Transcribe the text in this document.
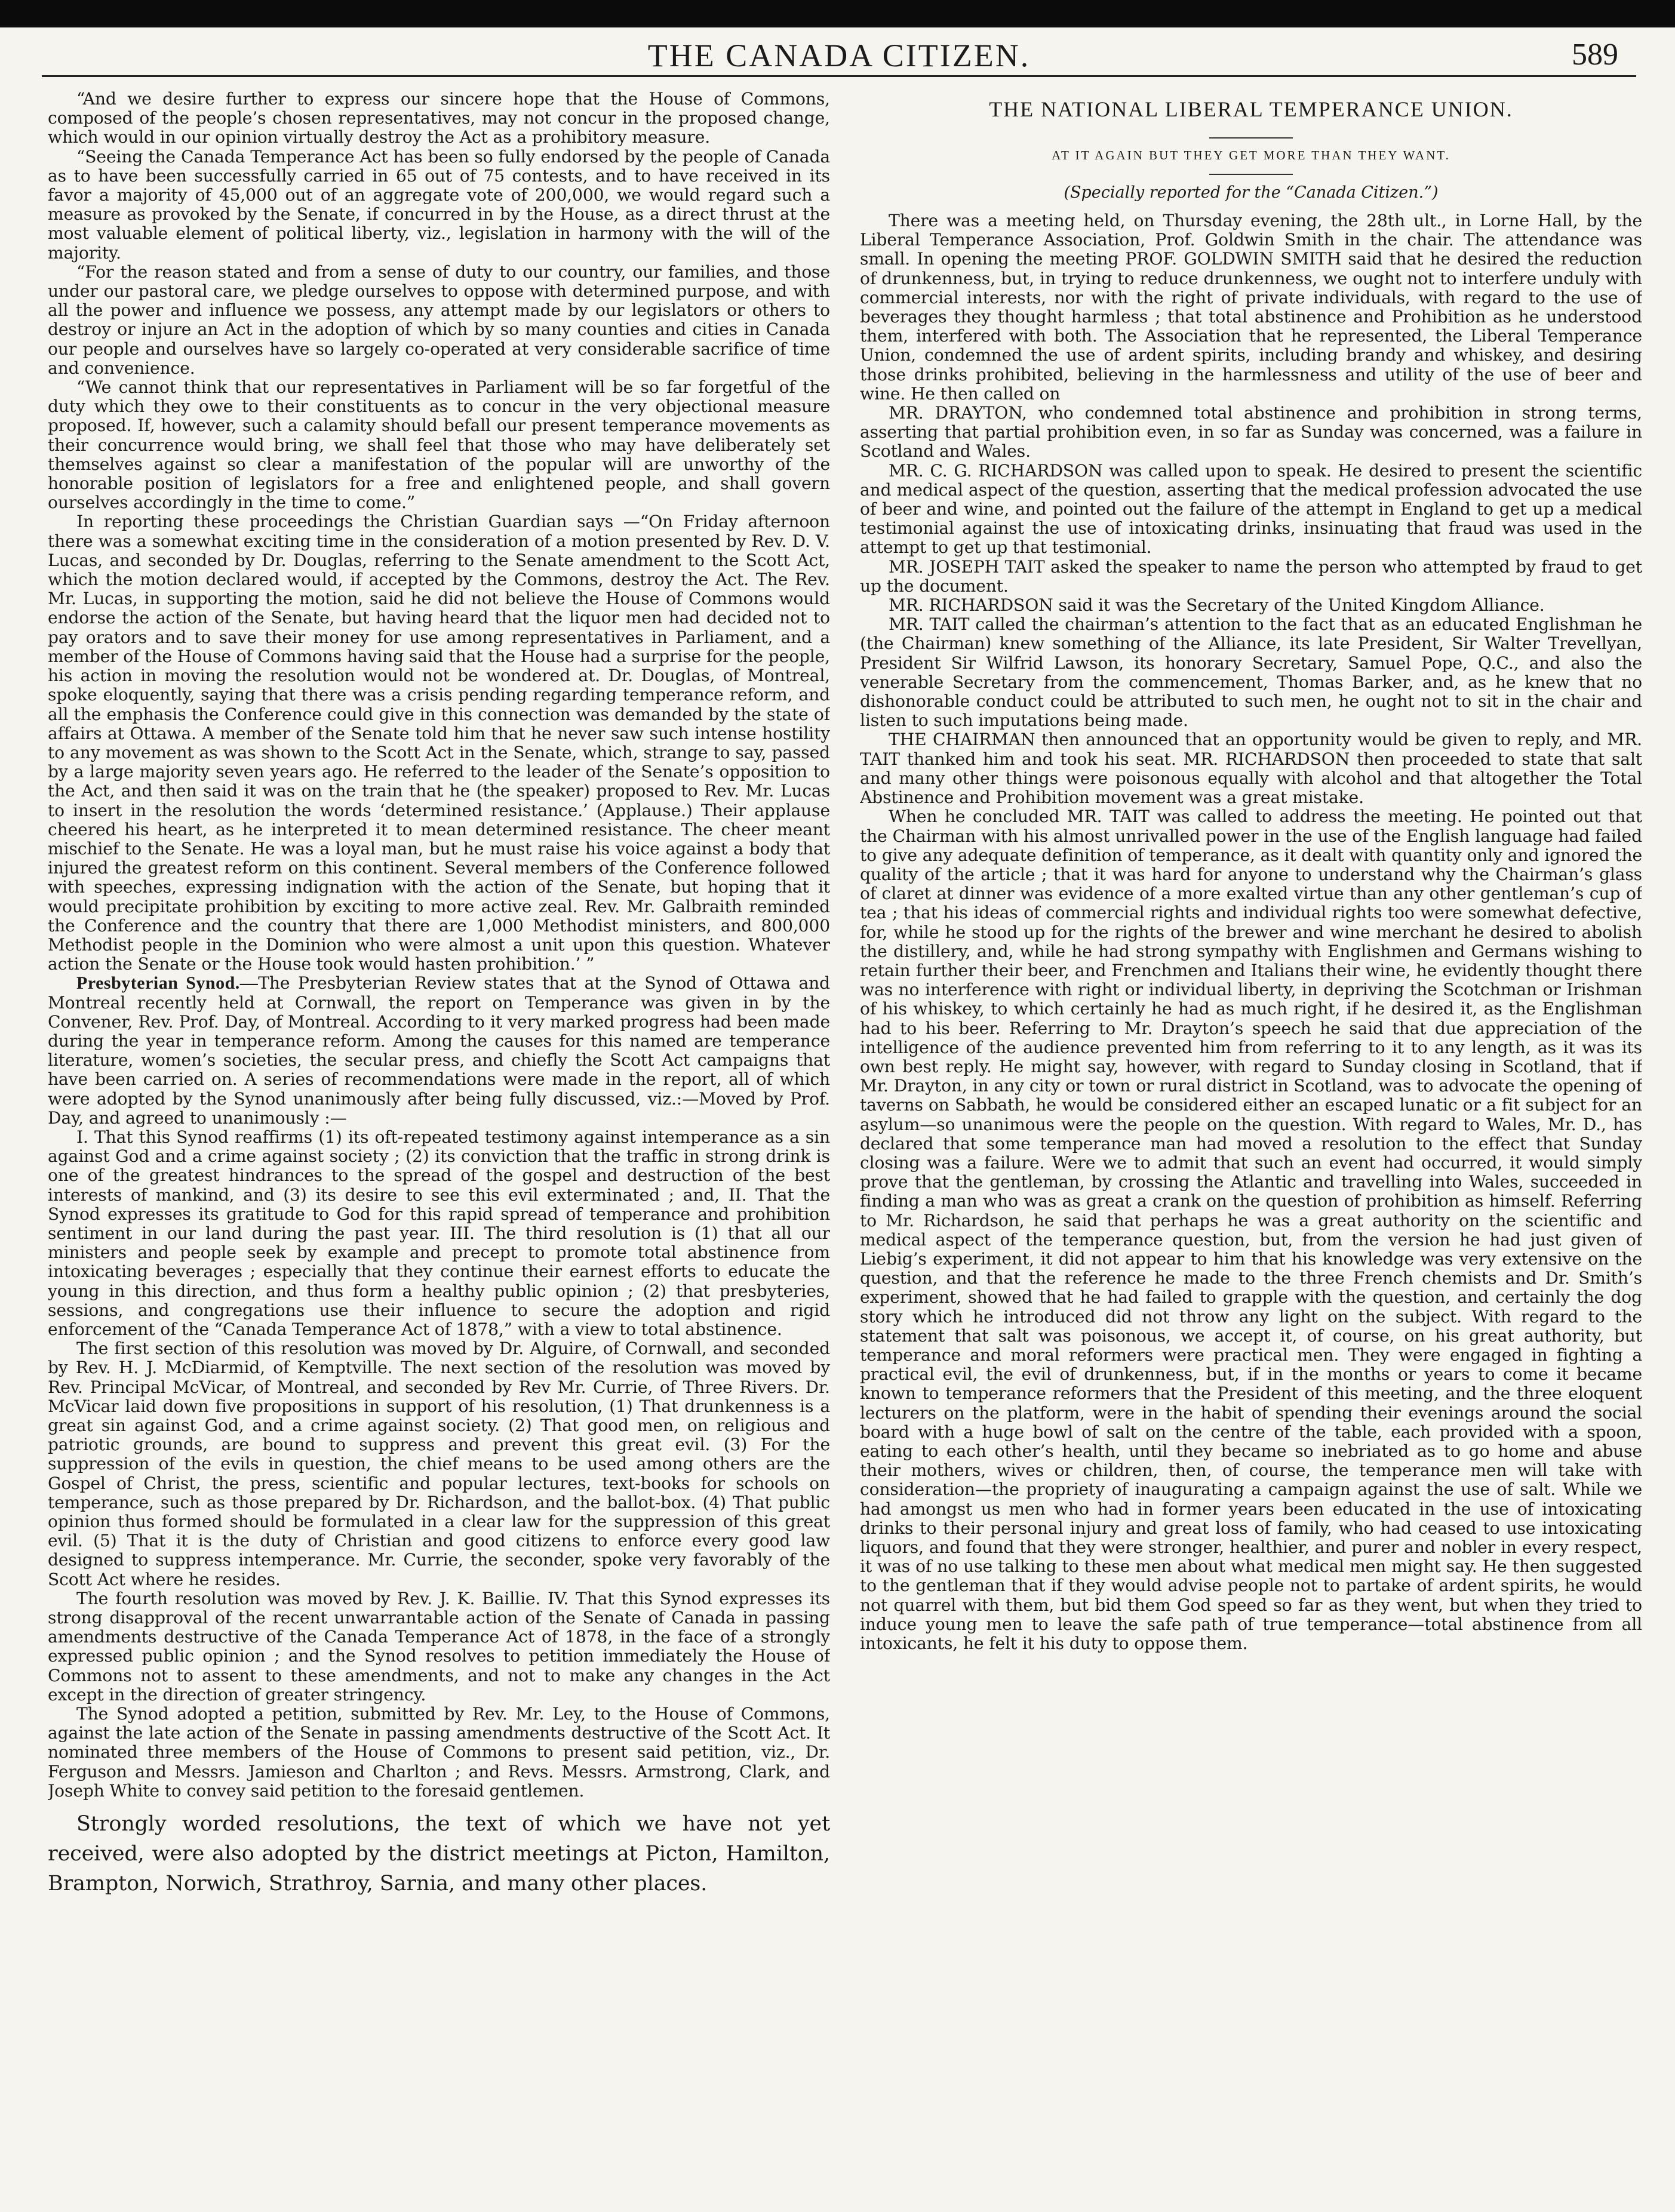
THE CANADA CITIZEN.	589

“And we desire further to express our sincere hope that the House of Commons, composed of the people’s chosen representatives, may not concur in the proposed change, which would in our opinion virtually destroy the Act as a prohibitory measure.

“Seeing the Canada Temperance Act has been so fully endorsed by the people of Canada as to have been successfully carried in 65 out of 75 contests, and to have received in its favor a majority of 45,000 out of an aggregate vote of 200,000, we would regard such a measure as provoked by the Senate, if concurred in by the House, as a direct thrust at the most valuable element of political liberty, viz., legislation in harmony with the will of the majority.

“For the reason stated and from a sense of duty to our country, our families, and those under our pastoral care, we pledge ourselves to oppose with determined purpose, and with all the power and influence we possess, any attempt made by our legislators or others to destroy or injure an Act in the adoption of which by so many counties and cities in Canada our people and ourselves have so largely co-operated at very considerable sacrifice of time and convenience.

“We cannot think that our representatives in Parliament will be so far forgetful of the duty which they owe to their constituents as to concur in the very objectional measure proposed. If, however, such a calamity should befall our present temperance movements as their concurrence would bring, we shall feel that those who may have deliberately set themselves against so clear a manifestation of the popular will are unworthy of the honorable position of legislators for a free and enlightened people, and shall govern ourselves accordingly in the time to come.”

In reporting these proceedings the Christian Guardian says —“On Friday afternoon there was a somewhat exciting time in the consideration of a motion presented by Rev. D. V. Lucas, and seconded by Dr. Douglas, referring to the Senate amendment to the Scott Act, which the motion declared would, if accepted by the Commons, destroy the Act. The Rev. Mr. Lucas, in supporting the motion, said he did not believe the House of Commons would endorse the action of the Senate, but having heard that the liquor men had decided not to pay orators and to save their money for use among representatives in Parliament, and a member of the House of Commons having said that the House had a surprise for the people, his action in moving the resolution would not be wondered at. Dr. Douglas, of Montreal, spoke eloquently, saying that there was a crisis pending regarding temperance reform, and all the emphasis the Conference could give in this connection was demanded by the state of affairs at Ottawa. A member of the Senate told him that he never saw such intense hostility to any movement as was shown to the Scott Act in the Senate, which, strange to say, passed by a large majority seven years ago. He referred to the leader of the Senate’s opposition to the Act, and then said it was on the train that he (the speaker) proposed to Rev. Mr. Lucas to insert in the resolution the words ‘determined resistance.’ (Applause.) Their applause cheered his heart, as he interpreted it to mean determined resistance. The cheer meant mischief to the Senate. He was a loyal man, but he must raise his voice against a body that injured the greatest reform on this continent. Several members of the Conference followed with speeches, expressing indignation with the action of the Senate, but hoping that it would precipitate prohibition by exciting to more active zeal. Rev. Mr. Galbraith reminded the Conference and the country that there are 1,000 Methodist ministers, and 800,000 Methodist people in the Dominion who were almost a unit upon this question. Whatever action the Senate or the House took would hasten prohibition.’ ”

Presbyterian Synod.—The Presbyterian Review states that at the Synod of Ottawa and Montreal recently held at Cornwall, the report on Temperance was given in by the Convener, Rev. Prof. Day, of Montreal. According to it very marked progress had been made during the year in temperance reform. Among the causes for this named are temperance literature, women’s societies, the secular press, and chiefly the Scott Act campaigns that have been carried on. A series of recommendations were made in the report, all of which were adopted by the Synod unanimously after being fully discussed, viz.:—Moved by Prof. Day, and agreed to unanimously :—

I. That this Synod reaffirms (1) its oft-repeated testimony against intemperance as a sin against God and a crime against society ; (2) its conviction that the traffic in strong drink is one of the greatest hindrances to the spread of the gospel and destruction of the best interests of mankind, and (3) its desire to see this evil exterminated ; and, II. That the Synod expresses its gratitude to God for this rapid spread of temperance and prohibition sentiment in our land during the past year. III. The third resolution is (1) that all our ministers and people seek by example and precept to promote total abstinence from intoxicating beverages ; especially that they continue their earnest efforts to educate the young in this direction, and thus form a healthy public opinion ; (2) that presbyteries, sessions, and congregations use their influence to secure the adoption and rigid enforcement of the “Canada Temperance Act of 1878,” with a view to total abstinence.

The first section of this resolution was moved by Dr. Alguire, of Cornwall, and seconded by Rev. H. J. McDiarmid, of Kemptville. The next section of the resolution was moved by Rev. Principal McVicar, of Montreal, and seconded by Rev Mr. Currie, of Three Rivers. Dr. McVicar laid down five propositions in support of his resolution, (1) That drunkenness is a great sin against God, and a crime against society. (2) That good men, on religious and patriotic grounds, are bound to suppress and prevent this great evil. (3) For the suppression of the evils in question, the chief means to be used among others are the Gospel of Christ, the press, scientific and popular lectures, text-books for schools on temperance, such as those prepared by Dr. Richardson, and the ballot-box. (4) That public opinion thus formed should be formulated in a clear law for the suppression of this great evil. (5) That it is the duty of Christian and good citizens to enforce every good law designed to suppress intemperance. Mr. Currie, the seconder, spoke very favorably of the Scott Act where he resides.

The fourth resolution was moved by Rev. J. K. Baillie. IV. That this Synod expresses its strong disapproval of the recent unwarrantable action of the Senate of Canada in passing amendments destructive of the Canada Temperance Act of 1878, in the face of a strongly expressed public opinion ; and the Synod resolves to petition immediately the House of Commons not to assent to these amendments, and not to make any changes in the Act except in the direction of greater stringency.

The Synod adopted a petition, submitted by Rev. Mr. Ley, to the House of Commons, against the late action of the Senate in passing amendments destructive of the Scott Act. It nominated three members of the House of Commons to present said petition, viz., Dr. Ferguson and Messrs. Jamieson and Charlton ; and Revs. Messrs. Armstrong, Clark, and Joseph White to convey said petition to the foresaid gentlemen.

Strongly worded resolutions, the text of which we have not yet received, were also adopted by the district meetings at Picton, Hamilton, Brampton, Norwich, Strathroy, Sarnia, and many other places.

THE NATIONAL LIBERAL TEMPERANCE UNION.
AT IT AGAIN BUT THEY GET MORE THAN THEY WANT.
(Specially reported for the “Canada Citizen.”)

There was a meeting held, on Thursday evening, the 28th ult., in Lorne Hall, by the Liberal Temperance Association, Prof. Goldwin Smith in the chair. The attendance was small. In opening the meeting PROF. GOLDWIN SMITH said that he desired the reduction of drunkenness, but, in trying to reduce drunkenness, we ought not to interfere unduly with commercial interests, nor with the right of private individuals, with regard to the use of beverages they thought harmless ; that total abstinence and Prohibition as he understood them, interfered with both. The Association that he represented, the Liberal Temperance Union, condemned the use of ardent spirits, including brandy and whiskey, and desiring those drinks prohibited, believing in the harmlessness and utility of the use of beer and wine. He then called on

MR. DRAYTON, who condemned total abstinence and prohibition in strong terms, asserting that partial prohibition even, in so far as Sunday was concerned, was a failure in Scotland and Wales.

MR. C. G. RICHARDSON was called upon to speak. He desired to present the scientific and medical aspect of the question, asserting that the medical profession advocated the use of beer and wine, and pointed out the failure of the attempt in England to get up a medical testimonial against the use of intoxicating drinks, insinuating that fraud was used in the attempt to get up that testimonial.

MR. JOSEPH TAIT asked the speaker to name the person who attempted by fraud to get up the document.

MR. RICHARDSON said it was the Secretary of the United Kingdom Alliance.

MR. TAIT called the chairman’s attention to the fact that as an educated Englishman he (the Chairman) knew something of the Alliance, its late President, Sir Walter Trevellyan, President Sir Wilfrid Lawson, its honorary Secretary, Samuel Pope, Q.C., and also the venerable Secretary from the commencement, Thomas Barker, and, as he knew that no dishonorable conduct could be attributed to such men, he ought not to sit in the chair and listen to such imputations being made.

THE CHAIRMAN then announced that an opportunity would be given to reply, and MR. TAIT thanked him and took his seat. MR. RICHARDSON then proceeded to state that salt and many other things were poisonous equally with alcohol and that altogether the Total Abstinence and Prohibition movement was a great mistake.

When he concluded MR. TAIT was called to address the meeting. He pointed out that the Chairman with his almost unrivalled power in the use of the English language had failed to give any adequate definition of temperance, as it dealt with quantity only and ignored the quality of the article ; that it was hard for anyone to understand why the Chairman’s glass of claret at dinner was evidence of a more exalted virtue than any other gentleman’s cup of tea ; that his ideas of commercial rights and individual rights too were somewhat defective, for, while he stood up for the rights of the brewer and wine merchant he desired to abolish the distillery, and, while he had strong sympathy with Englishmen and Germans wishing to retain further their beer, and Frenchmen and Italians their wine, he evidently thought there was no interference with right or individual liberty, in depriving the Scotchman or Irishman of his whiskey, to which certainly he had as much right, if he desired it, as the Englishman had to his beer. Referring to Mr. Drayton’s speech he said that due appreciation of the intelligence of the audience prevented him from referring to it to any length, as it was its own best reply. He might say, however, with regard to Sunday closing in Scotland, that if Mr. Drayton, in any city or town or rural district in Scotland, was to advocate the opening of taverns on Sabbath, he would be considered either an escaped lunatic or a fit subject for an asylum—so unanimous were the people on the question. With regard to Wales, Mr. D., has declared that some temperance man had moved a resolution to the effect that Sunday closing was a failure. Were we to admit that such an event had occurred, it would simply prove that the gentleman, by crossing the Atlantic and travelling into Wales, succeeded in finding a man who was as great a crank on the question of prohibition as himself. Referring to Mr. Richardson, he said that perhaps he was a great authority on the scientific and medical aspect of the temperance question, but, from the version he had just given of Liebig’s experiment, it did not appear to him that his knowledge was very extensive on the question, and that the reference he made to the three French chemists and Dr. Smith’s experiment, showed that he had failed to grapple with the question, and certainly the dog story which he introduced did not throw any light on the subject. With regard to the statement that salt was poisonous, we accept it, of course, on his great authority, but temperance and moral reformers were practical men. They were engaged in fighting a practical evil, the evil of drunkenness, but, if in the months or years to come it became known to temperance reformers that the President of this meeting, and the three eloquent lecturers on the platform, were in the habit of spending their evenings around the social board with a huge bowl of salt on the centre of the table, each provided with a spoon, eating to each other’s health, until they became so inebriated as to go home and abuse their mothers, wives or children, then, of course, the temperance men will take with consideration—the propriety of inaugurating a campaign against the use of salt. While we had amongst us men who had in former years been educated in the use of intoxicating drinks to their personal injury and great loss of family, who had ceased to use intoxicating liquors, and found that they were stronger, healthier, and purer and nobler in every respect, it was of no use talking to these men about what medical men might say. He then suggested to the gentleman that if they would advise people not to partake of ardent spirits, he would not quarrel with them, but bid them God speed so far as they went, but when they tried to induce young men to leave the safe path of true temperance—total abstinence from all intoxicants, he felt it his duty to oppose them.
